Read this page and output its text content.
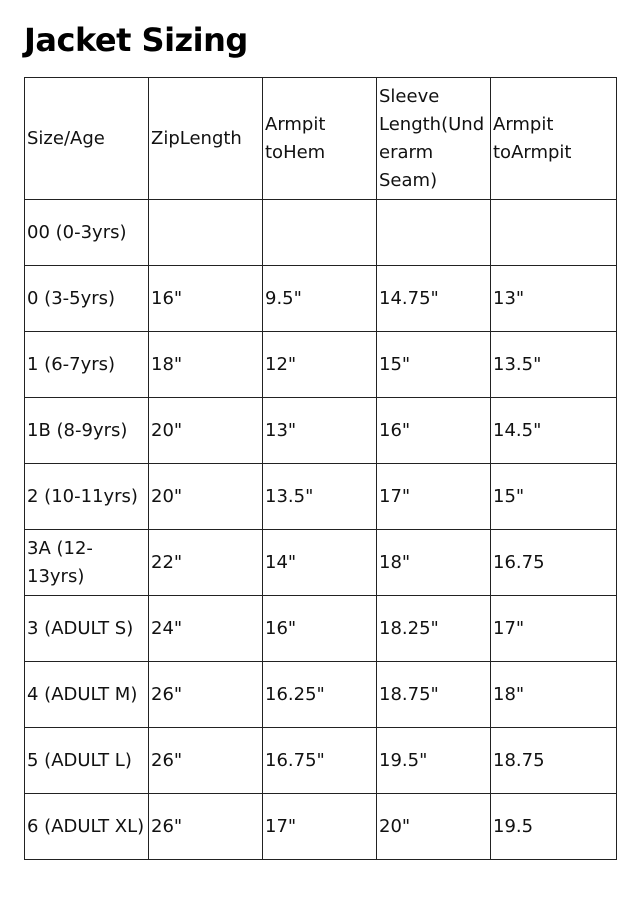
Jacket Sizing
Size/Age	ZipLength	Armpit toHem	Sleeve Length(Underarm Seam)	Armpit toArmpit
00 (0-3yrs)				
0 (3-5yrs)	16"	9.5"	14.75"	13"
1 (6-7yrs)	18"	12"	15"	13.5"
1B (8-9yrs)	20"	13"	16"	14.5"
2 (10-11yrs)	20"	13.5"	17"	15"
3A (12-13yrs)	22"	14"	18"	16.75
3 (ADULT S)	24"	16"	18.25"	17"
4 (ADULT M)	26"	16.25"	18.75"	18"
5 (ADULT L)	26"	16.75"	19.5"	18.75
6 (ADULT XL)	26"	17"	20"	19.5
